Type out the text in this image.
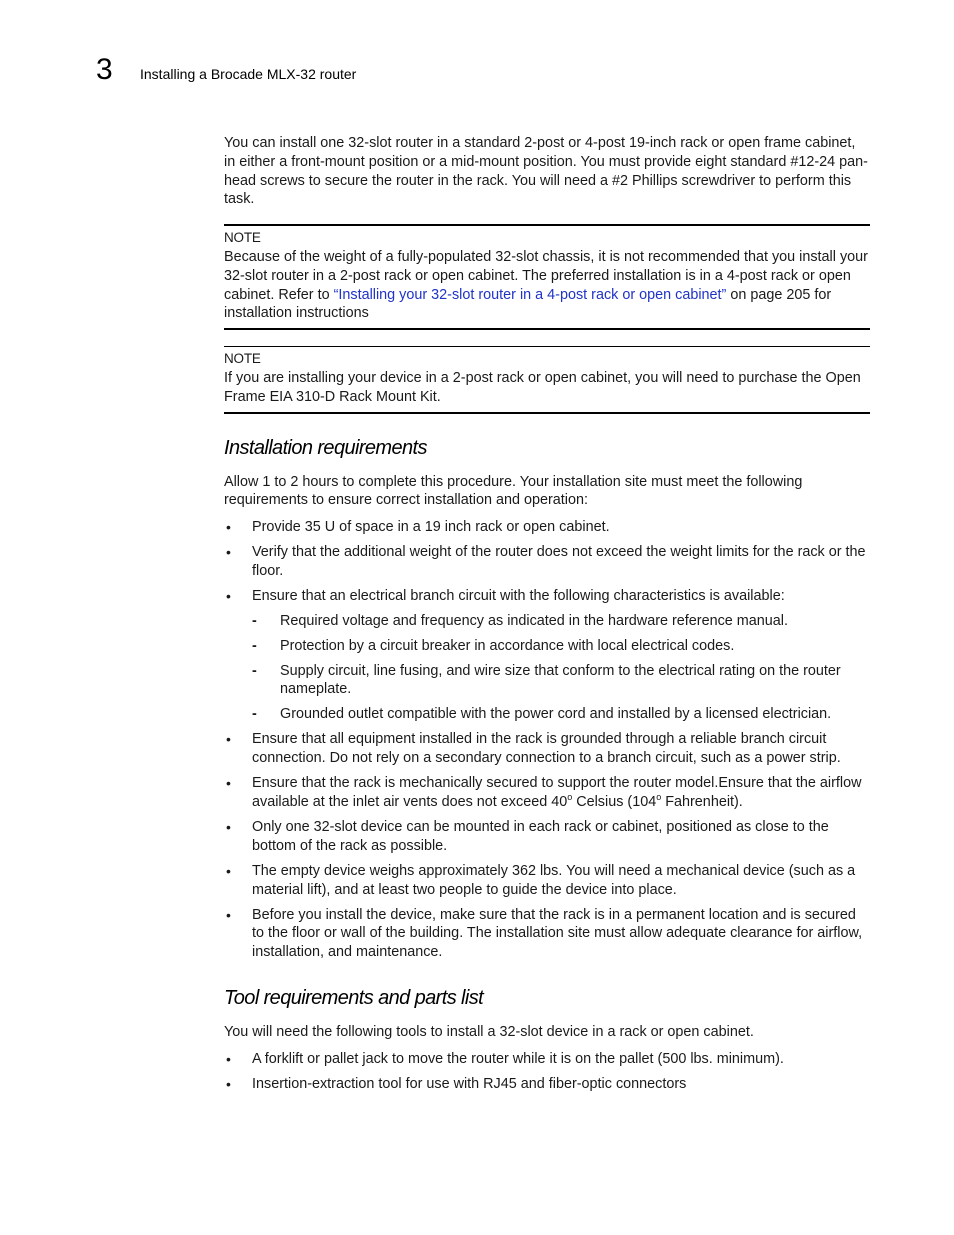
3 Installing a Brocade MLX-32 router

You can install one 32-slot router in a standard 2-post or 4-post 19-inch rack or open frame cabinet, in either a front-mount position or a mid-mount position. You must provide eight standard #12-24 pan-head screws to secure the router in the rack. You will need a #2 Phillips screwdriver to perform this task.

NOTE

Because of the weight of a fully-populated 32-slot chassis, it is not recommended that you install your 32-slot router in a 2-post rack or open cabinet. The preferred installation is in a 4-post rack or open cabinet. Refer to “Installing your 32-slot router in a 4-post rack or open cabinet” on page 205 for installation instructions

NOTE

If you are installing your device in a 2-post rack or open cabinet, you will need to purchase the Open Frame EIA 310-D Rack Mount Kit.

Installation requirements

Allow 1 to 2 hours to complete this procedure. Your installation site must meet the following requirements to ensure correct installation and operation:

• Provide 35 U of space in a 19 inch rack or open cabinet.
• Verify that the additional weight of the router does not exceed the weight limits for the rack or the floor.
• Ensure that an electrical branch circuit with the following characteristics is available:
- Required voltage and frequency as indicated in the hardware reference manual.
- Protection by a circuit breaker in accordance with local electrical codes.
- Supply circuit, line fusing, and wire size that conform to the electrical rating on the router nameplate.
- Grounded outlet compatible with the power cord and installed by a licensed electrician.
• Ensure that all equipment installed in the rack is grounded through a reliable branch circuit connection. Do not rely on a secondary connection to a branch circuit, such as a power strip.
• Ensure that the rack is mechanically secured to support the router model.Ensure that the airflow available at the inlet air vents does not exceed 40$^o$ Celsius (104$^o$ Fahrenheit).
• Only one 32-slot device can be mounted in each rack or cabinet, positioned as close to the bottom of the rack as possible.
• The empty device weighs approximately 362 lbs. You will need a mechanical device (such as a material lift), and at least two people to guide the device into place.
• Before you install the device, make sure that the rack is in a permanent location and is secured to the floor or wall of the building. The installation site must allow adequate clearance for airflow, installation, and maintenance.
Tool requirements and parts list

You will need the following tools to install a 32-slot device in a rack or open cabinet.

• A forklift or pallet jack to move the router while it is on the pallet (500 lbs. minimum).
• Insertion-extraction tool for use with RJ45 and fiber-optic connectors
